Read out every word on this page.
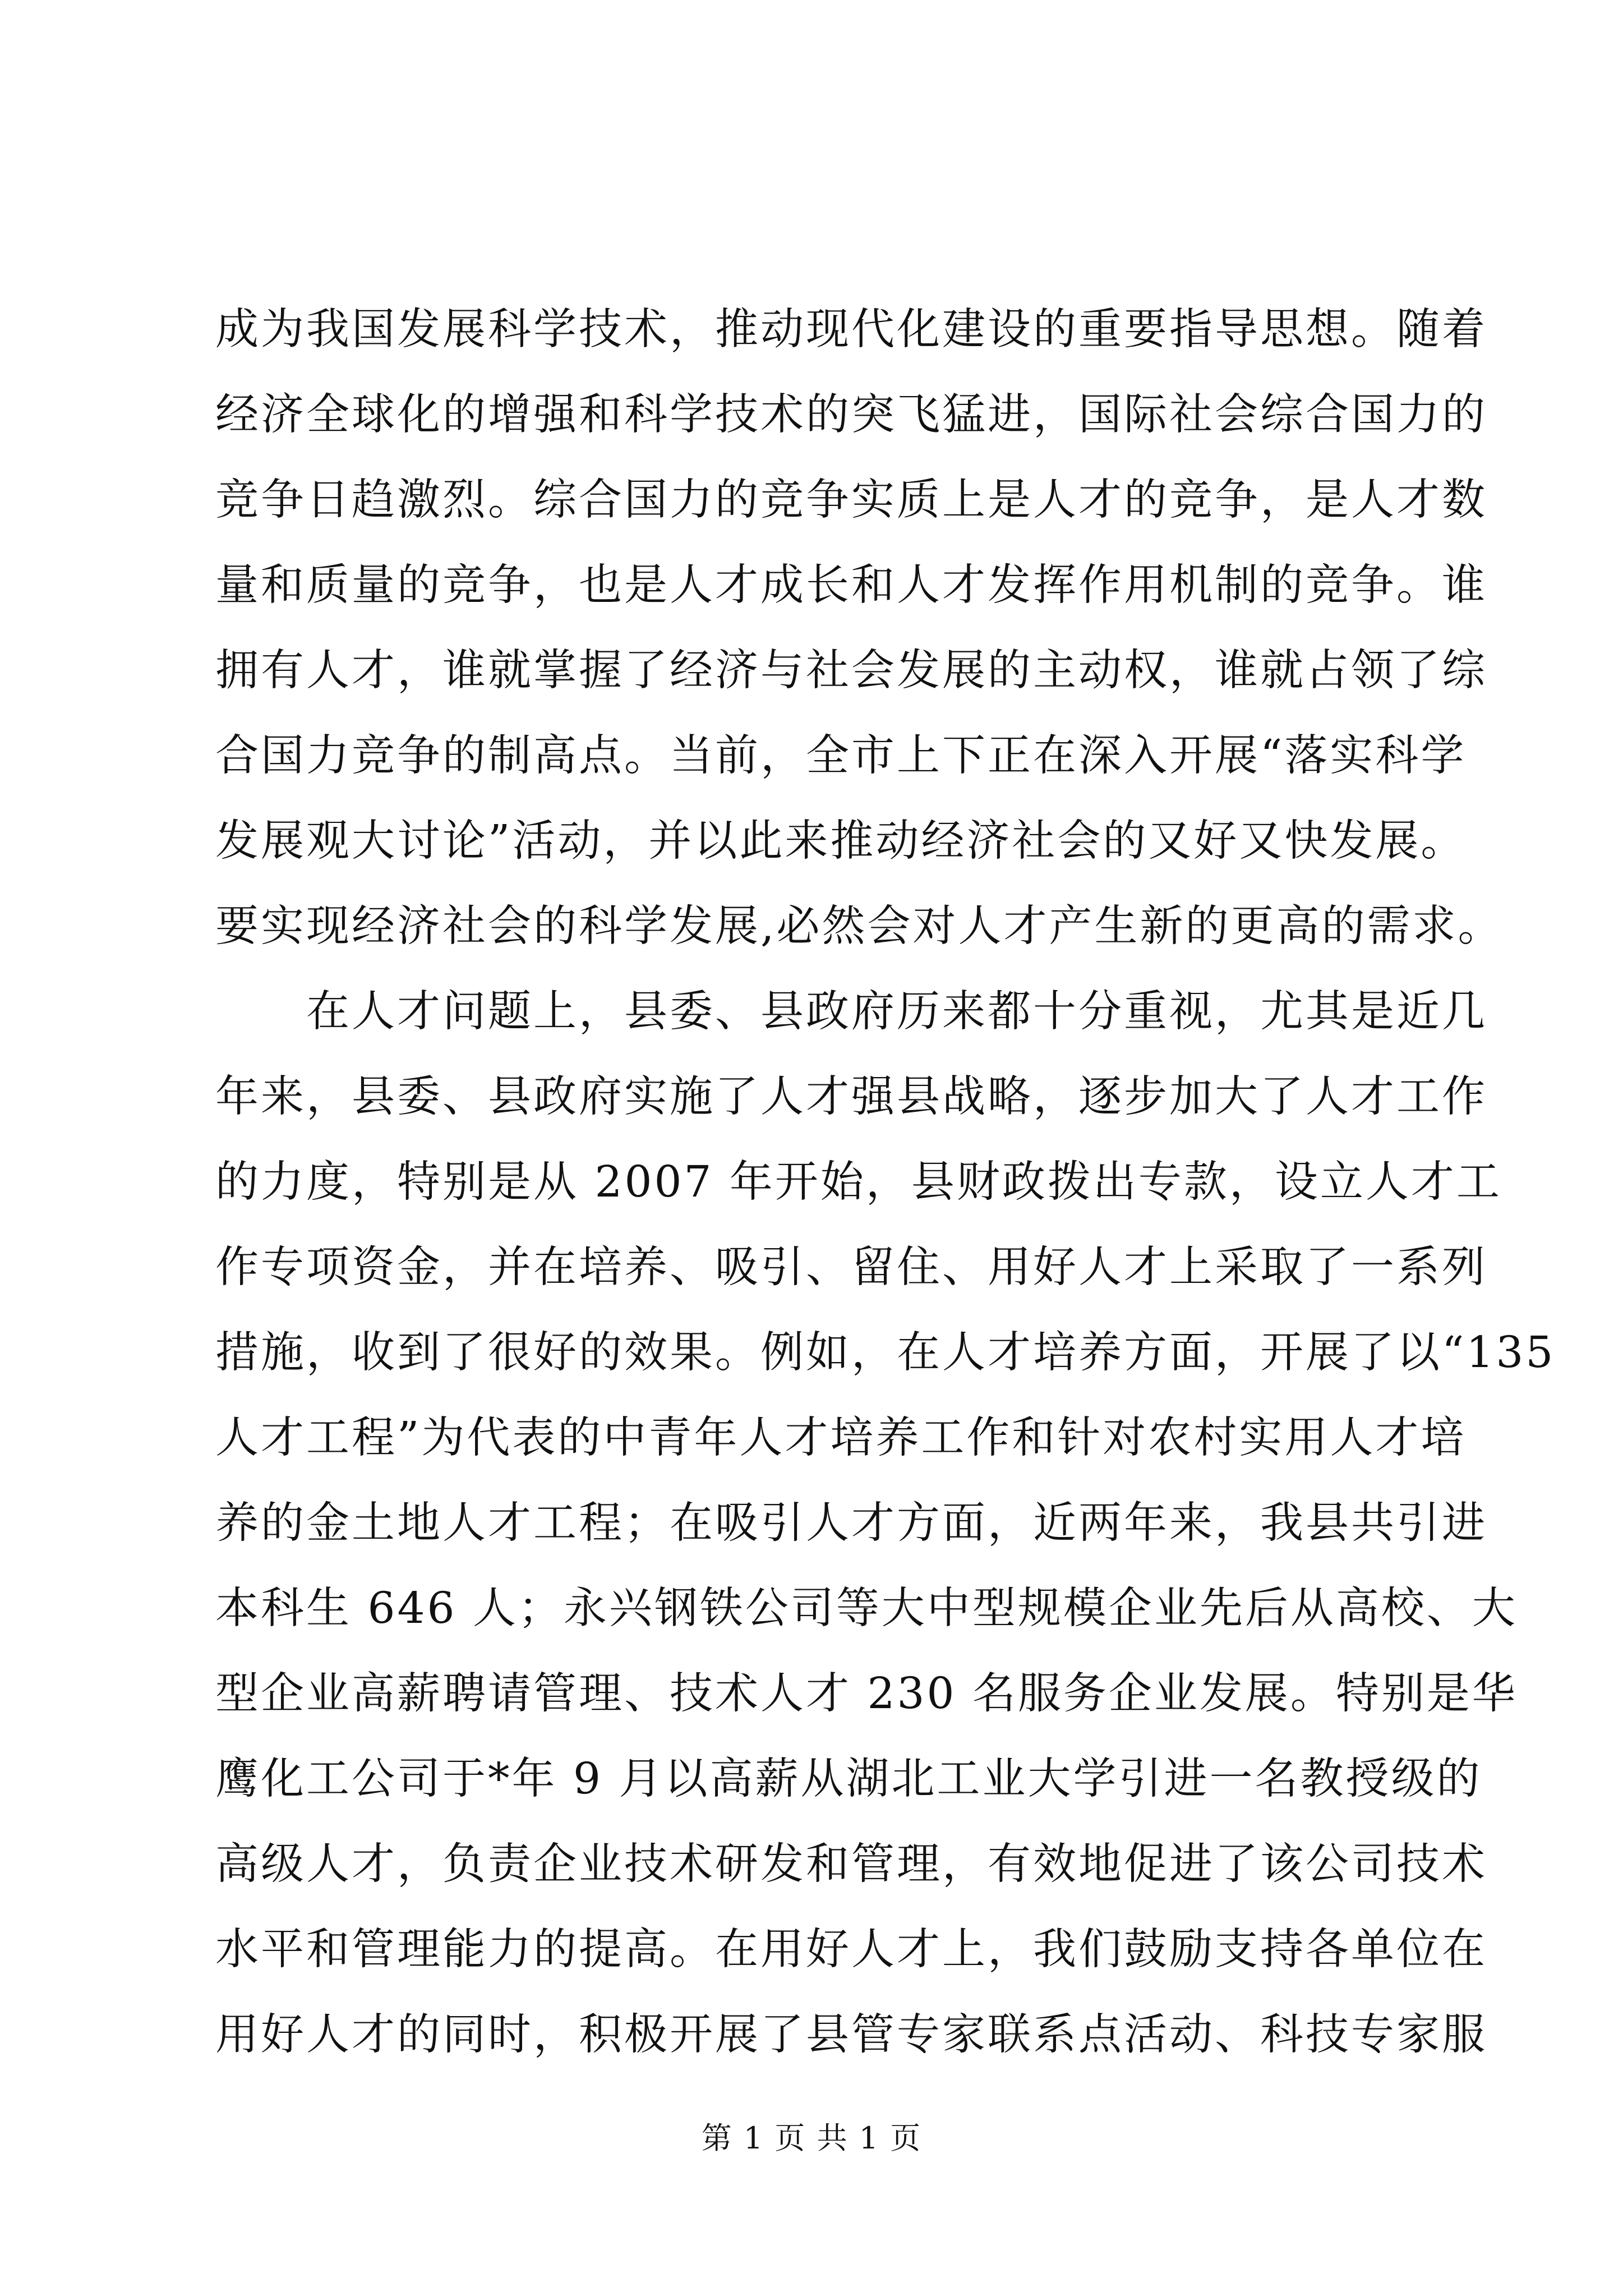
成为我国发展科学技术，推动现代化建设的重要指导思想。随着
经济全球化的增强和科学技术的突飞猛进，国际社会综合国力的
竞争日趋激烈。综合国力的竞争实质上是人才的竞争，是人才数
量和质量的竞争，也是人才成长和人才发挥作用机制的竞争。谁
拥有人才，谁就掌握了经济与社会发展的主动权，谁就占领了综
合国力竞争的制高点。当前，全市上下正在深入开展“落实科学
发展观大讨论”活动，并以此来推动经济社会的又好又快发展。
要实现经济社会的科学发展,必然会对人才产生新的更高的需求。
在人才问题上，县委、县政府历来都十分重视，尤其是近几
年来，县委、县政府实施了人才强县战略，逐步加大了人才工作
的力度，特别是从 2007 年开始，县财政拨出专款，设立人才工
作专项资金，并在培养、吸引、留住、用好人才上采取了一系列
措施，收到了很好的效果。例如，在人才培养方面，开展了以“135
人才工程”为代表的中青年人才培养工作和针对农村实用人才培
养的金土地人才工程；在吸引人才方面，近两年来，我县共引进
本科生 646 人；永兴钢铁公司等大中型规模企业先后从高校、大
型企业高薪聘请管理、技术人才 230 名服务企业发展。特别是华
鹰化工公司于*年 9 月以高薪从湖北工业大学引进一名教授级的
高级人才，负责企业技术研发和管理，有效地促进了该公司技术
水平和管理能力的提高。在用好人才上，我们鼓励支持各单位在
用好人才的同时，积极开展了县管专家联系点活动、科技专家服
第 1 页 共 1 页
